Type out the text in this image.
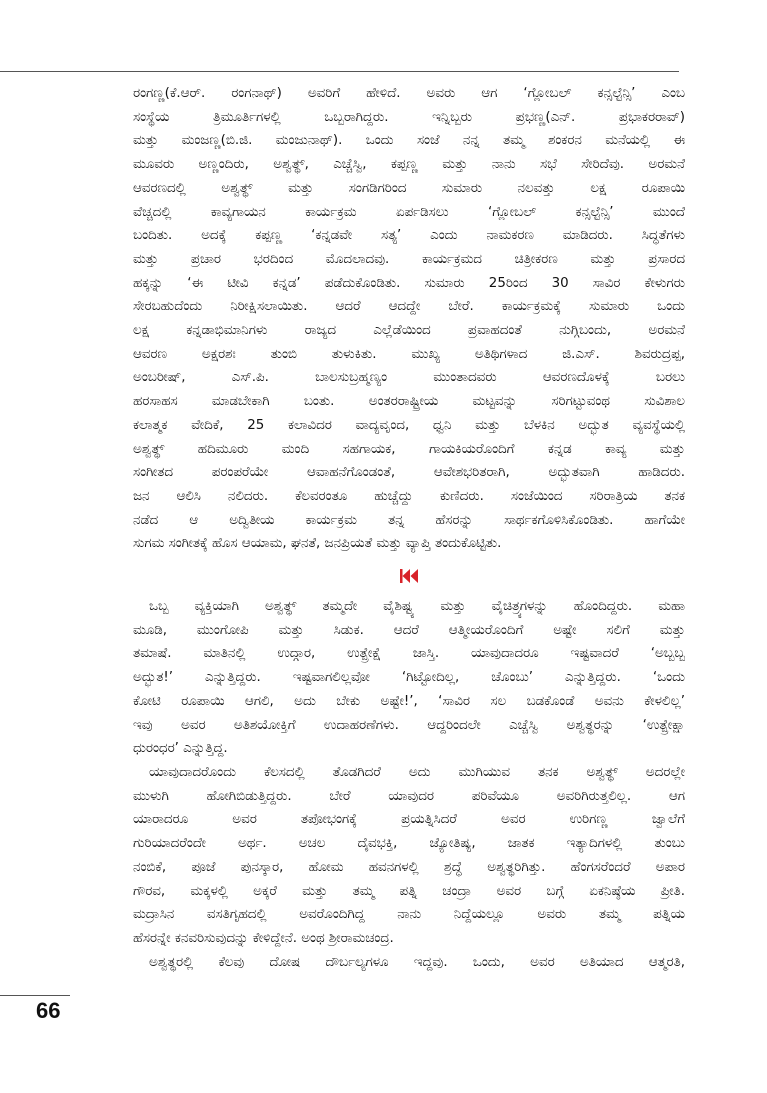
ರಂಗಣ್ಣ(ಕೆ.ಆರ್. ರಂಗನಾಥ್) ಅವರಿಗೆ ಹೇಳಿದೆ. ಅವರು ಆಗ ‘ಗ್ಲೋಬಲ್ ಕನ್ಸಲ್ಟೆನ್ಸಿ’ ಎಂಬ
ಸಂಸ್ಥೆಯ ತ್ರಿಮೂರ್ತಿಗಳಲ್ಲಿ ಒಬ್ಬರಾಗಿದ್ದರು. ಇನ್ನಿಬ್ಬರು ಪ್ರಭಣ್ಣ(ಎನ್. ಪ್ರಭಾಕರರಾವ್)
ಮತ್ತು ಮಂಜಣ್ಣ(ಬಿ.ಜಿ. ಮಂಜುನಾಥ್). ಒಂದು ಸಂಜೆ ನನ್ನ ತಮ್ಮ ಶಂಕರನ ಮನೆಯಲ್ಲಿ ಈ
ಮೂವರು ಅಣ್ಣಂದಿರು, ಅಶ್ವತ್ಥ್, ಎಚ್ಚೆಸ್ವಿ, ಕಪ್ಪಣ್ಣ ಮತ್ತು ನಾನು ಸಭೆ ಸೇರಿದೆವು. ಅರಮನೆ
ಆವರಣದಲ್ಲಿ ಅಶ್ವತ್ಥ್ ಮತ್ತು ಸಂಗಡಿಗರಿಂದ ಸುಮಾರು ನಲವತ್ತು ಲಕ್ಷ ರೂಪಾಯಿ
ವೆಚ್ಚದಲ್ಲಿ ಕಾವ್ಯಗಾಯನ ಕಾರ್ಯಕ್ರಮ ಏರ್ಪಡಿಸಲು ‘ಗ್ಲೋಬಲ್ ಕನ್ಸಲ್ಟೆನ್ಸಿ’ ಮುಂದೆ
ಬಂದಿತು. ಅದಕ್ಕೆ ಕಪ್ಪಣ್ಣ ‘ಕನ್ನಡವೇ ಸತ್ಯ’ ಎಂದು ನಾಮಕರಣ ಮಾಡಿದರು. ಸಿದ್ಧತೆಗಳು
ಮತ್ತು ಪ್ರಚಾರ ಭರದಿಂದ ಮೊದಲಾದವು. ಕಾರ್ಯಕ್ರಮದ ಚಿತ್ರೀಕರಣ ಮತ್ತು ಪ್ರಸಾರದ
ಹಕ್ಕನ್ನು ‘ಈ ಟೀವಿ ಕನ್ನಡ’ ಪಡೆದುಕೊಂಡಿತು. ಸುಮಾರು 25ರಿಂದ 30 ಸಾವಿರ ಕೇಳುಗರು
ಸೇರಬಹುದೆಂದು ನಿರೀಕ್ಷಿಸಲಾಯಿತು. ಆದರೆ ಆದದ್ದೇ ಬೇರೆ. ಕಾರ್ಯಕ್ರಮಕ್ಕೆ ಸುಮಾರು ಒಂದು
ಲಕ್ಷ ಕನ್ನಡಾಭಿಮಾನಿಗಳು ರಾಜ್ಯದ ಎಲ್ಲೆಡೆಯಿಂದ ಪ್ರವಾಹದಂತೆ ನುಗ್ಗಿಬಂದು, ಅರಮನೆ
ಆವರಣ ಅಕ್ಷರಶಃ ತುಂಬಿ ತುಳುಕಿತು. ಮುಖ್ಯ ಅತಿಥಿಗಳಾದ ಜಿ.ಎಸ್. ಶಿವರುದ್ರಪ್ಪ,
ಅಂಬರೀಷ್, ಎಸ್.ಪಿ. ಬಾಲಸುಬ್ರಹ್ಮಣ್ಯಂ ಮುಂತಾದವರು ಆವರಣದೊಳಕ್ಕೆ ಬರಲು
ಹರಸಾಹಸ ಮಾಡಬೇಕಾಗಿ ಬಂತು. ಅಂತರರಾಷ್ಟ್ರೀಯ ಮಟ್ಟವನ್ನು ಸರಿಗಟ್ಟುವಂಥ ಸುವಿಶಾಲ
ಕಲಾತ್ಮಕ ವೇದಿಕೆ, 25 ಕಲಾವಿದರ ವಾದ್ಯವೃಂದ, ಧ್ವನಿ ಮತ್ತು ಬೆಳಕಿನ ಅದ್ಭುತ ವ್ಯವಸ್ಥೆಯಲ್ಲಿ
ಅಶ್ವತ್ಥ್ ಹದಿಮೂರು ಮಂದಿ ಸಹಗಾಯಕ, ಗಾಯಕಿಯರೊಂದಿಗೆ ಕನ್ನಡ ಕಾವ್ಯ ಮತ್ತು
ಸಂಗೀತದ ಪರಂಪರೆಯೇ ಆವಾಹನೆಗೊಂಡಂತೆ, ಆವೇಶಭರಿತರಾಗಿ, ಅದ್ಭುತವಾಗಿ ಹಾಡಿದರು.
ಜನ ಆಲಿಸಿ ನಲಿದರು. ಕೆಲವರಂತೂ ಹುಚ್ಚೆದ್ದು ಕುಣಿದರು. ಸಂಜೆಯಿಂದ ಸರಿರಾತ್ರಿಯ ತನಕ
ನಡೆದ ಆ ಅದ್ವಿತೀಯ ಕಾರ್ಯಕ್ರಮ ತನ್ನ ಹೆಸರನ್ನು ಸಾರ್ಥಕಗೊಳಿಸಿಕೊಂಡಿತು. ಹಾಗೆಯೇ
ಸುಗಮ ಸಂಗೀತಕ್ಕೆ ಹೊಸ ಆಯಾಮ, ಘನತೆ, ಜನಪ್ರಿಯತೆ ಮತ್ತು ವ್ಯಾಪ್ತಿ ತಂದುಕೊಟ್ಟಿತು.
ಒಬ್ಬ ವ್ಯಕ್ತಿಯಾಗಿ ಅಶ್ವತ್ಥ್ ತಮ್ಮದೇ ವೈಶಿಷ್ಟ್ಯ ಮತ್ತು ವೈಚಿತ್ರ್ಯಗಳನ್ನು ಹೊಂದಿದ್ದರು. ಮಹಾ
ಮೂಡಿ, ಮುಂಗೋಪಿ ಮತ್ತು ಸಿಡುಕ. ಆದರೆ ಆತ್ಮೀಯರೊಂದಿಗೆ ಅಷ್ಟೇ ಸಲಿಗೆ ಮತ್ತು
ತಮಾಷೆ. ಮಾತಿನಲ್ಲಿ ಉದ್ಗಾರ, ಉತ್ಪ್ರೇಕ್ಷೆ ಜಾಸ್ತಿ. ಯಾವುದಾದರೂ ಇಷ್ಟವಾದರೆ ‘ಅಬ್ಬಬ್ಬ
ಅದ್ಭುತ!’ ಎನ್ನುತ್ತಿದ್ದರು. ಇಷ್ಟವಾಗಲಿಲ್ಲವೋ ‘ಗಿಟ್ಟೋದಿಲ್ಲ, ಚೊಂಬು’ ಎನ್ನುತ್ತಿದ್ದರು. ‘ಒಂದು
ಕೋಟಿ ರೂಪಾಯಿ ಆಗಲಿ, ಅದು ಬೇಕು ಅಷ್ಟೇ!’, ‘ಸಾವಿರ ಸಲ ಬಡಕೊಂಡೆ ಅವನು ಕೇಳಲಿಲ್ಲ’
ಇವು ಅವರ ಅತಿಶಯೋಕ್ತಿಗೆ ಉದಾಹರಣೆಗಳು. ಆದ್ದರಿಂದಲೇ ಎಚ್ಚೆಸ್ವಿ ಅಶ್ವತ್ಥರನ್ನು ‘ಉತ್ಪ್ರೇಕ್ಷಾ
ಧುರಂಧರ’ ಎನ್ನುತ್ತಿದ್ದ.
ಯಾವುದಾದರೊಂದು ಕೆಲಸದಲ್ಲಿ ತೊಡಗಿದರೆ ಅದು ಮುಗಿಯುವ ತನಕ ಅಶ್ವತ್ಥ್ ಅದರಲ್ಲೇ
ಮುಳುಗಿ ಹೋಗಿಬಿಡುತ್ತಿದ್ದರು. ಬೇರೆ ಯಾವುದರ ಪರಿವೆಯೂ ಅವರಿಗಿರುತ್ತಲಿಲ್ಲ. ಆಗ
ಯಾರಾದರೂ ಅವರ ತಪೋಭಂಗಕ್ಕೆ ಪ್ರಯತ್ನಿಸಿದರೆ ಅವರ ಉರಿಗಣ್ಣ ಜ್ವಾಲೆಗೆ
ಗುರಿಯಾದರೆಂದೇ ಅರ್ಥ. ಅಚಲ ದೈವಭಕ್ತಿ, ಜ್ಯೋತಿಷ್ಯ, ಜಾತಕ ಇತ್ಯಾದಿಗಳಲ್ಲಿ ತುಂಬು
ನಂಬಿಕೆ, ಪೂಜೆ ಪುನಸ್ಕಾರ, ಹೋಮ ಹವನಗಳಲ್ಲಿ ಶ್ರದ್ಧೆ ಅಶ್ವತ್ಥರಿಗಿತ್ತು. ಹೆಂಗಸರೆಂದರೆ ಅಪಾರ
ಗೌರವ, ಮಕ್ಕಳಲ್ಲಿ ಅಕ್ಕರೆ ಮತ್ತು ತಮ್ಮ ಪತ್ನಿ ಚಂದ್ರಾ ಅವರ ಬಗ್ಗೆ ಏಕನಿಷ್ಠೆಯ ಪ್ರೀತಿ.
ಮದ್ರಾಸಿನ ವಸತಿಗೃಹದಲ್ಲಿ ಅವರೊಂದಿಗಿದ್ದ ನಾನು ನಿದ್ದೆಯಲ್ಲೂ ಅವರು ತಮ್ಮ ಪತ್ನಿಯ
ಹೆಸರನ್ನೇ ಕನವರಿಸುವುದನ್ನು ಕೇಳಿದ್ದೇನೆ. ಅಂಥ ಶ್ರೀರಾಮಚಂದ್ರ.
ಅಶ್ವತ್ಥರಲ್ಲಿ ಕೆಲವು ದೋಷ ದೌರ್ಬಲ್ಯಗಳೂ ಇದ್ದವು. ಒಂದು, ಅವರ ಅತಿಯಾದ ಆತ್ಮರತಿ,
66
